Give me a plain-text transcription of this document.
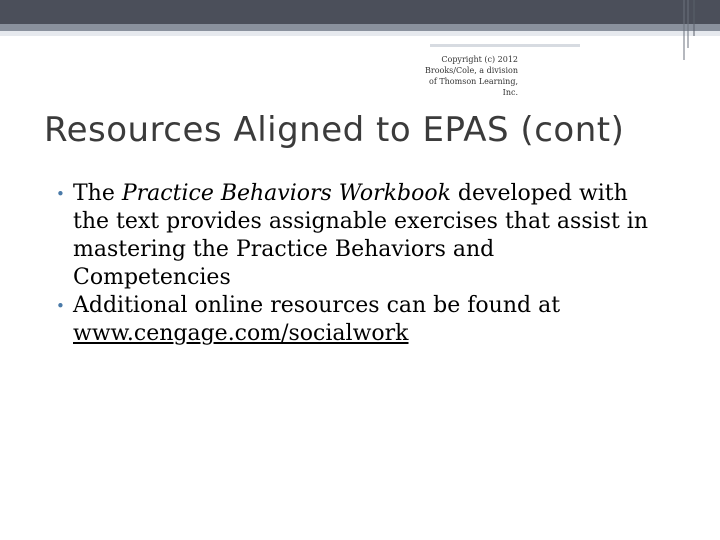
Copyright (c) 2012
Brooks/Cole, a division
of Thomson Learning,
Inc.
Resources Aligned to EPAS (cont)

• The Practice Behaviors Workbook developed with the text provides assignable exercises that assist in mastering the Practice Behaviors and Competencies

• Additional online resources can be found at www.cengage.com/socialwork
